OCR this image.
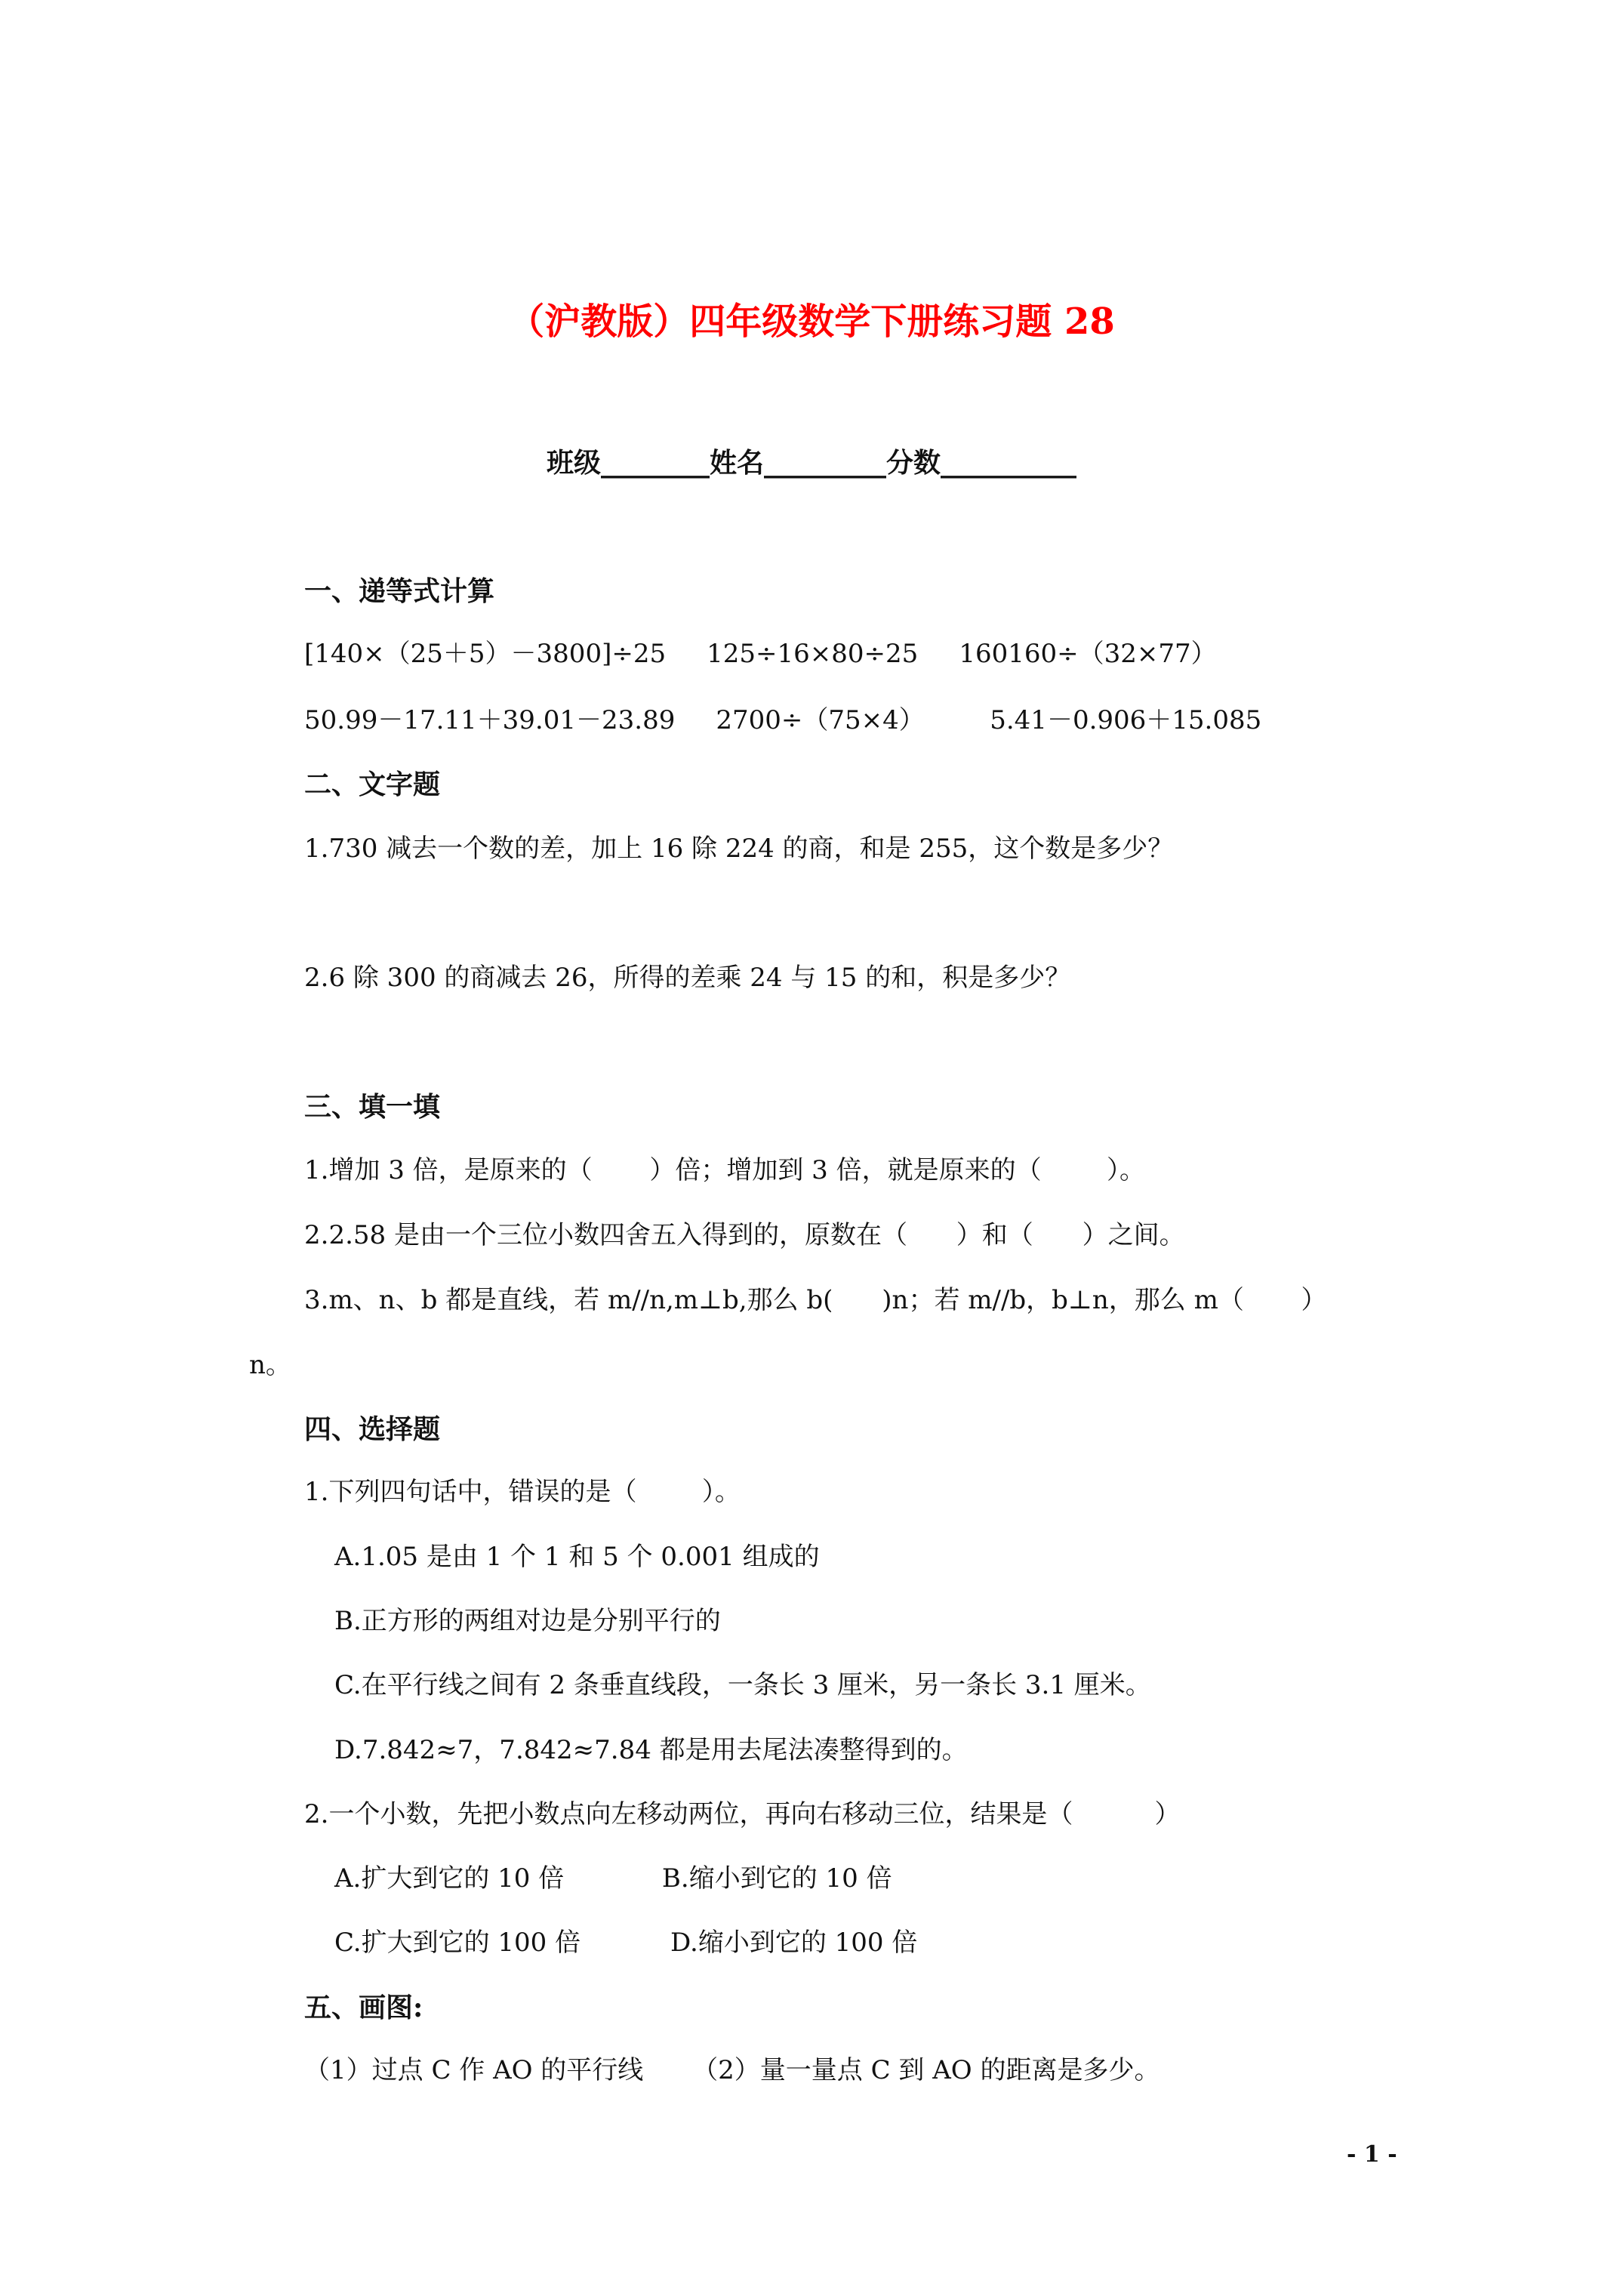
（沪教版）四年级数学下册练习题 28
班级________姓名_________分数__________
一、递等式计算
[140×（25＋5）－3800]÷25     125÷16×80÷25     160160÷（32×77）
50.99－17.11＋39.01－23.89     2700÷（75×4）        5.41－0.906＋15.085
二、文字题
1.730 减去一个数的差，加上 16 除 224 的商，和是 255，这个数是多少？
2.6 除 300 的商减去 26，所得的差乘 24 与 15 的和，积是多少？
三、填一填
1.增加 3 倍，是原来的（       ）倍；增加到 3 倍，就是原来的（        ）。
2.2.58 是由一个三位小数四舍五入得到的，原数在（      ）和（      ）之间。
3.m、n、b 都是直线，若 m//n,m⊥b,那么 b(      )n；若 m//b，b⊥n，那么 m（       ）
n。
四、选择题
1.下列四句话中，错误的是（        ）。
A.1.05 是由 1 个 1 和 5 个 0.001 组成的
B.正方形的两组对边是分别平行的
C.在平行线之间有 2 条垂直线段，一条长 3 厘米，另一条长 3.1 厘米。
D.7.842≈7，7.842≈7.84 都是用去尾法凑整得到的。
2.一个小数，先把小数点向左移动两位，再向右移动三位，结果是（          ）
A.扩大到它的 10 倍            B.缩小到它的 10 倍
C.扩大到它的 100 倍           D.缩小到它的 100 倍
五、画图:
（1）过点 C 作 AO 的平行线      （2）量一量点 C 到 AO 的距离是多少。
- 1 -
